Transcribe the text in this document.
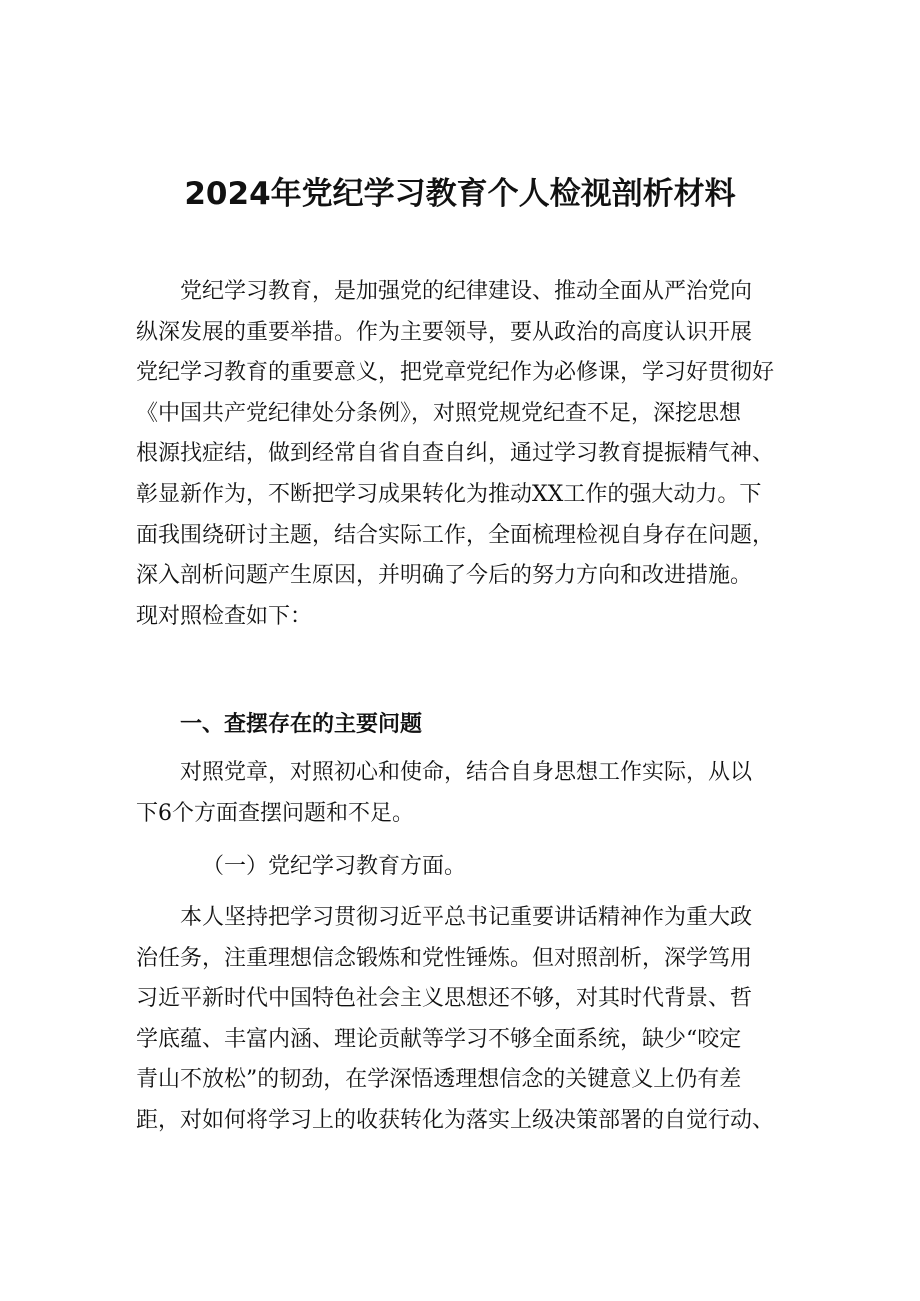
2024年党纪学习教育个人检视剖析材料
党纪学习教育，是加强党的纪律建设、推动全面从严治党向
纵深发展的重要举措。作为主要领导，要从政治的高度认识开展
党纪学习教育的重要意义，把党章党纪作为必修课，学习好贯彻好
《中国共产党纪律处分条例》，对照党规党纪查不足，深挖思想
根源找症结，做到经常自省自查自纠，通过学习教育提振精气神、
彰显新作为，不断把学习成果转化为推动XX工作的强大动力。下
面我围绕研讨主题，结合实际工作，全面梳理检视自身存在问题，
深入剖析问题产生原因，并明确了今后的努力方向和改进措施。
现对照检查如下：
一、查摆存在的主要问题
对照党章，对照初心和使命，结合自身思想工作实际，从以
下6个方面查摆问题和不足。
（一）党纪学习教育方面。
本人坚持把学习贯彻习近平总书记重要讲话精神作为重大政
治任务，注重理想信念锻炼和党性锤炼。但对照剖析，深学笃用
习近平新时代中国特色社会主义思想还不够，对其时代背景、哲
学底蕴、丰富内涵、理论贡献等学习不够全面系统，缺少“咬定
青山不放松”的韧劲，在学深悟透理想信念的关键意义上仍有差
距，对如何将学习上的收获转化为落实上级决策部署的自觉行动、
